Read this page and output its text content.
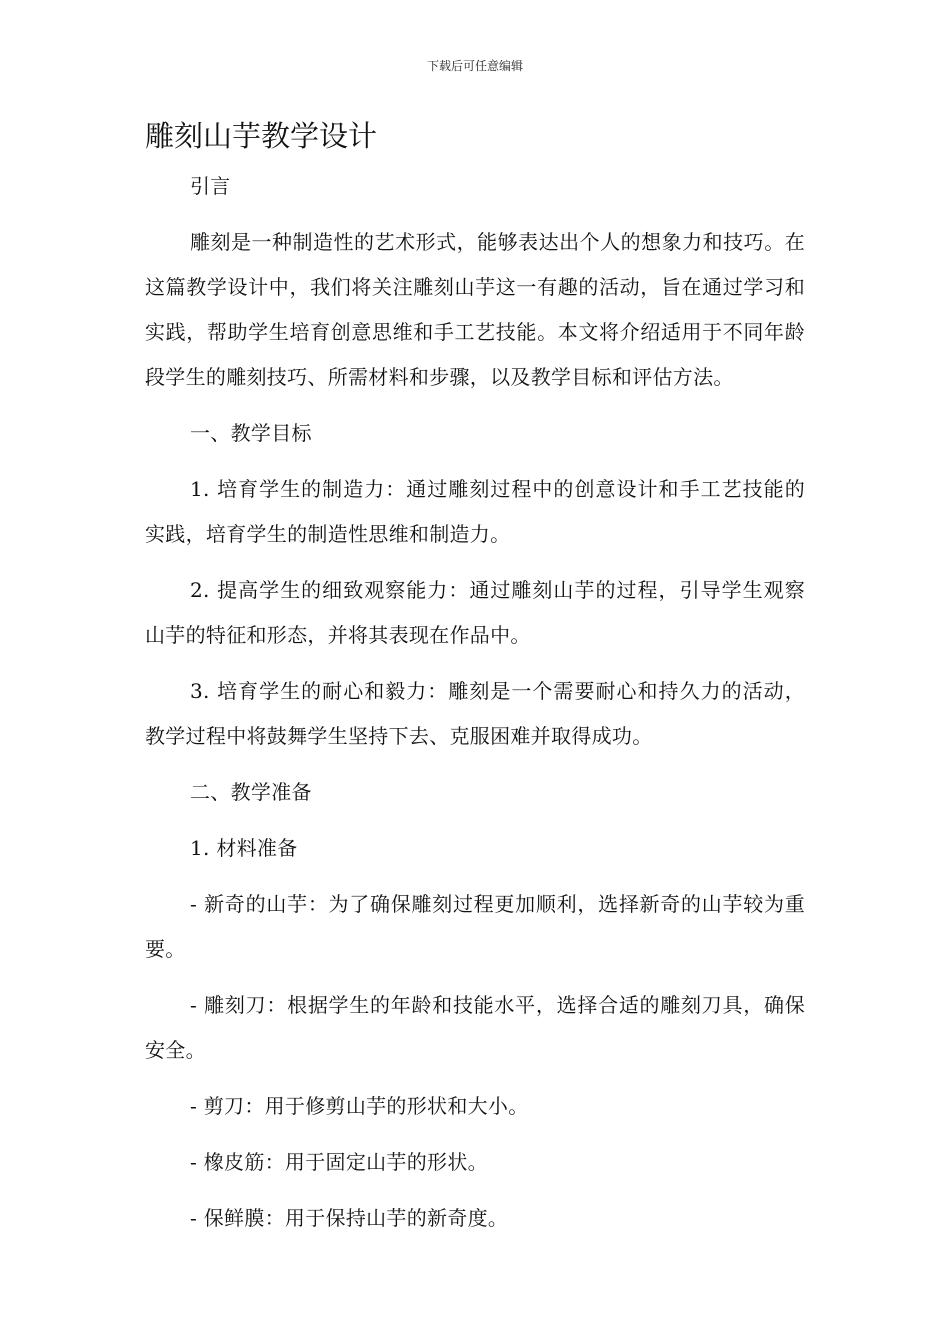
下载后可任意编辑
雕刻山芋教学设计

引言

雕刻是一种制造性的艺术形式，能够表达出个人的想象力和技巧。在这篇教学设计中，我们将关注雕刻山芋这一有趣的活动，旨在通过学习和实践，帮助学生培育创意思维和手工艺技能。本文将介绍适用于不同年龄段学生的雕刻技巧、所需材料和步骤，以及教学目标和评估方法。

一、教学目标

1. 培育学生的制造力：通过雕刻过程中的创意设计和手工艺技能的实践，培育学生的制造性思维和制造力。

2. 提高学生的细致观察能力：通过雕刻山芋的过程，引导学生观察山芋的特征和形态，并将其表现在作品中。

3. 培育学生的耐心和毅力：雕刻是一个需要耐心和持久力的活动，教学过程中将鼓舞学生坚持下去、克服困难并取得成功。

二、教学准备

1. 材料准备

- 新奇的山芋：为了确保雕刻过程更加顺利，选择新奇的山芋较为重要。

- 雕刻刀：根据学生的年龄和技能水平，选择合适的雕刻刀具，确保安全。

- 剪刀：用于修剪山芋的形状和大小。

- 橡皮筋：用于固定山芋的形状。

- 保鲜膜：用于保持山芋的新奇度。
